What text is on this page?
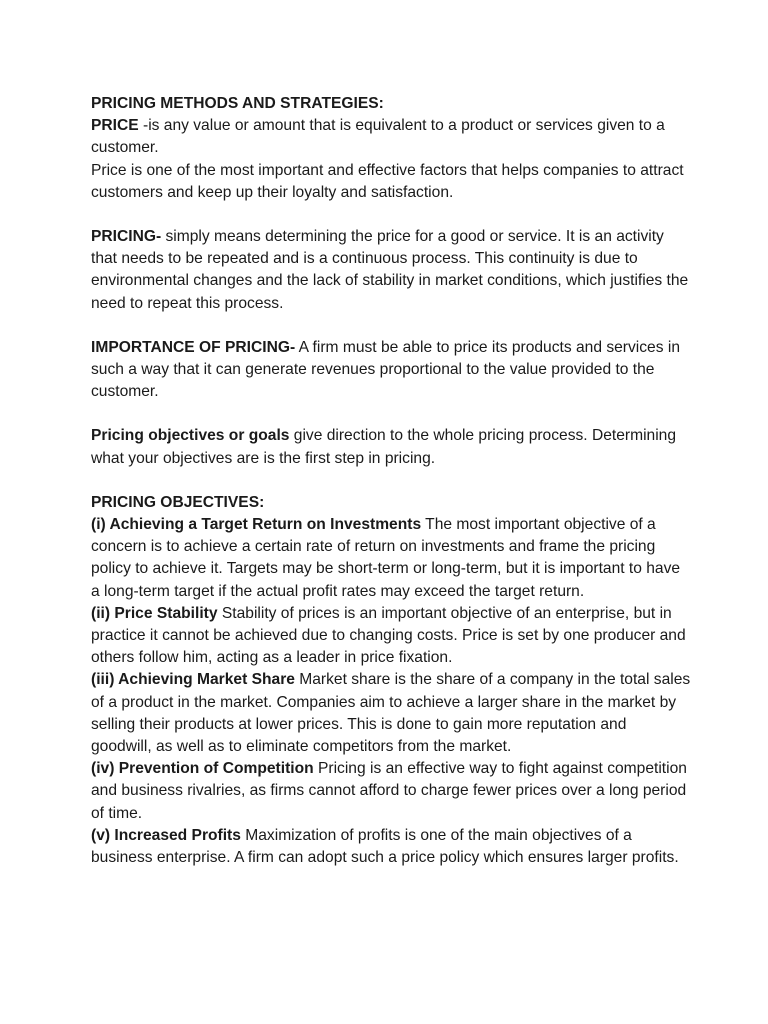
PRICING METHODS AND STRATEGIES:

PRICE -is any value or amount that is equivalent to a product or services given to a customer.

Price is one of the most important and effective factors that helps companies to attract customers and keep up their loyalty and satisfaction.

PRICING- simply means determining the price for a good or service. It is an activity that needs to be repeated and is a continuous process. This continuity is due to environmental changes and the lack of stability in market conditions, which justifies the need to repeat this process.

IMPORTANCE OF PRICING- A firm must be able to price its products and services in such a way that it can generate revenues proportional to the value provided to the customer.

Pricing objectives or goals give direction to the whole pricing process. Determining what your objectives are is the first step in pricing.

PRICING OBJECTIVES:

(i) Achieving a Target Return on Investments The most important objective of a concern is to achieve a certain rate of return on investments and frame the pricing policy to achieve it. Targets may be short-term or long-term, but it is important to have a long-term target if the actual profit rates may exceed the target return.

(ii) Price Stability Stability of prices is an important objective of an enterprise, but in practice it cannot be achieved due to changing costs. Price is set by one producer and others follow him, acting as a leader in price fixation.

(iii) Achieving Market Share Market share is the share of a company in the total sales of a product in the market. Companies aim to achieve a larger share in the market by selling their products at lower prices. This is done to gain more reputation and goodwill, as well as to eliminate competitors from the market.

(iv) Prevention of Competition Pricing is an effective way to fight against competition and business rivalries, as firms cannot afford to charge fewer prices over a long period of time.

(v) Increased Profits Maximization of profits is one of the main objectives of a business enterprise. A firm can adopt such a price policy which ensures larger profits.
